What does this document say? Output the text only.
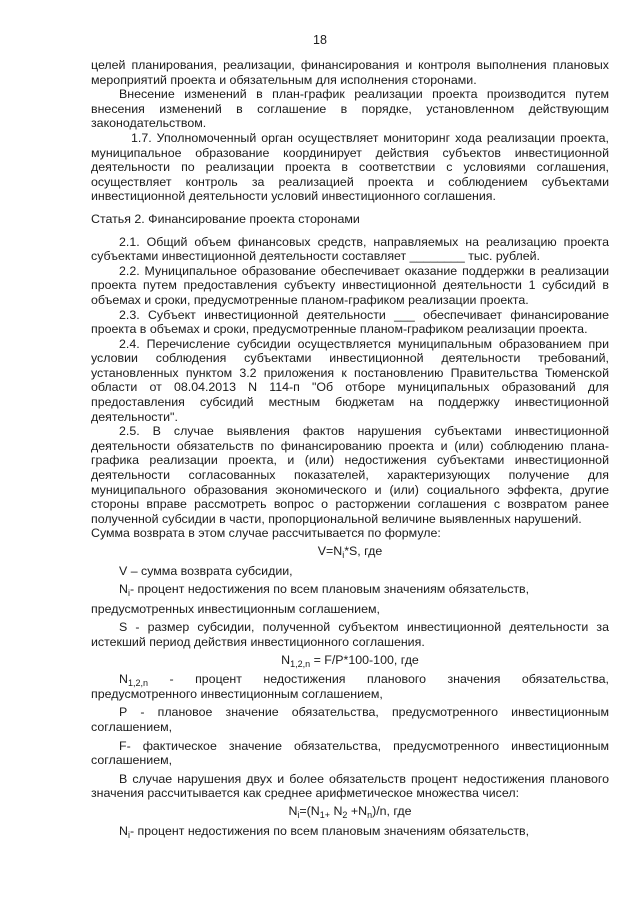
18

целей планирования, реализации, финансирования и контроля выполнения плановых мероприятий проекта и обязательным для исполнения сторонами.

Внесение изменений в план-график реализации проекта производится путем внесения изменений в соглашение в порядке, установленном действующим законодательством.

1.7. Уполномоченный орган осуществляет мониторинг хода реализации проекта, муниципальное образование координирует действия субъектов инвестиционной деятельности по реализации проекта в соответствии с условиями соглашения, осуществляет контроль за реализацией проекта и соблюдением субъектами инвестиционной деятельности условий инвестиционного соглашения.

Статья 2. Финансирование проекта сторонами

2.1. Общий объем финансовых средств, направляемых на реализацию проекта субъектами инвестиционной деятельности составляет ________ тыс. рублей.

2.2. Муниципальное образование обеспечивает оказание поддержки в реализации проекта путем предоставления субъекту инвестиционной деятельности 1 субсидий в объемах и сроки, предусмотренные планом-графиком реализации проекта.

2.3. Субъект инвестиционной деятельности ___ обеспечивает финансирование проекта в объемах и сроки, предусмотренные планом-графиком реализации проекта.

2.4. Перечисление субсидии осуществляется муниципальным образованием при условии соблюдения субъектами инвестиционной деятельности требований, установленных пунктом 3.2 приложения к постановлению Правительства Тюменской области от 08.04.2013 N 114-п "Об отборе муниципальных образований для предоставления субсидий местным бюджетам на поддержку инвестиционной деятельности".

2.5. В случае выявления фактов нарушения субъектами инвестиционной деятельности обязательств по финансированию проекта и (или) соблюдению плана-графика реализации проекта, и (или) недостижения субъектами инвестиционной деятельности согласованных показателей, характеризующих получение для муниципального образования экономического и (или) социального эффекта, другие стороны вправе рассмотреть вопрос о расторжении соглашения с возвратом ранее полученной субсидии в части, пропорциональной величине выявленных нарушений.

Сумма возврата в этом случае рассчитывается по формуле:

$V=N_i*S$, где

V – сумма возврата субсидии,

$N_i-$ процент недостижения по всем плановым значениям обязательств,

предусмотренных инвестиционным соглашением,

S - размер субсидии, полученной субъектом инвестиционной деятельности за истекший период действия инвестиционного соглашения.

$N_{1,2,n} = F/P*100-100$, где

$N_{1,2,n}$ - процент недостижения планового значения обязательства, предусмотренного инвестиционным соглашением,

Р - плановое значение обязательства, предусмотренного инвестиционным соглашением,

F- фактическое значение обязательства, предусмотренного инвестиционным соглашением,

В случае нарушения двух и более обязательств процент недостижения планового значения рассчитывается как среднее арифметическое множества чисел:

$N_i=(N_{1+}$ $N_2 +N_n)/n$, где

$N_i-$ процент недостижения по всем плановым значениям обязательств,
